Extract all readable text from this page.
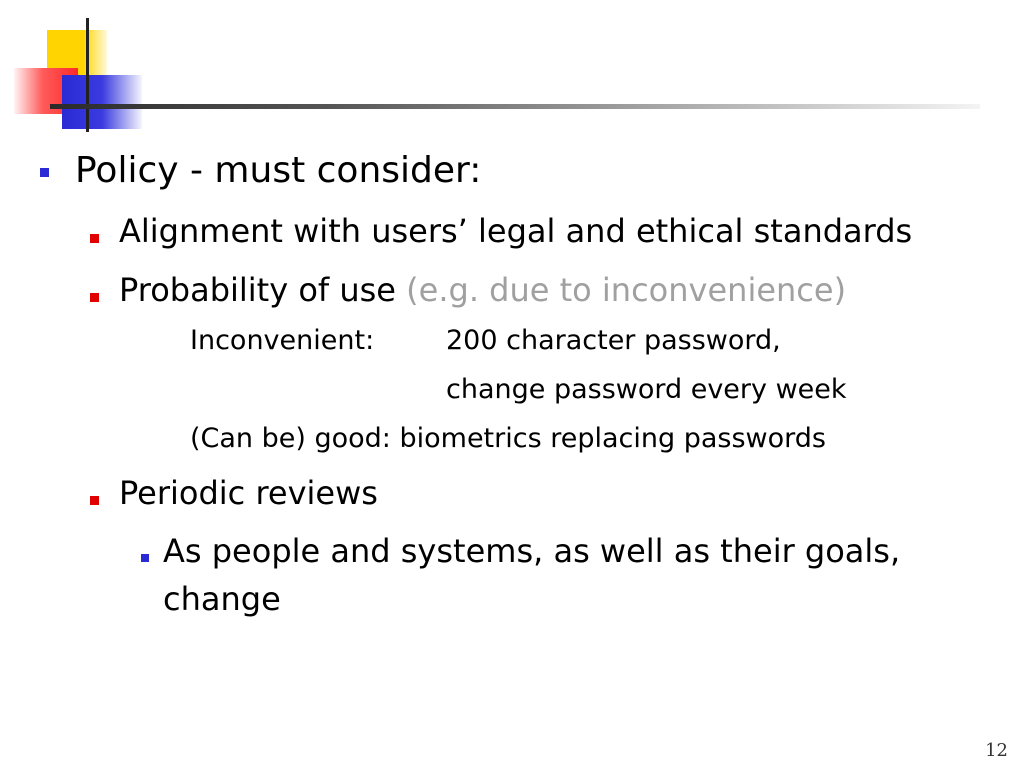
Policy - must consider:
Alignment with users’ legal and ethical standards
Probability of use (e.g. due to inconvenience)
Inconvenient:	200 character password,
change password every week
(Can be) good: biometrics replacing passwords
Periodic reviews
As people and systems, as well as their goals,
change
12
